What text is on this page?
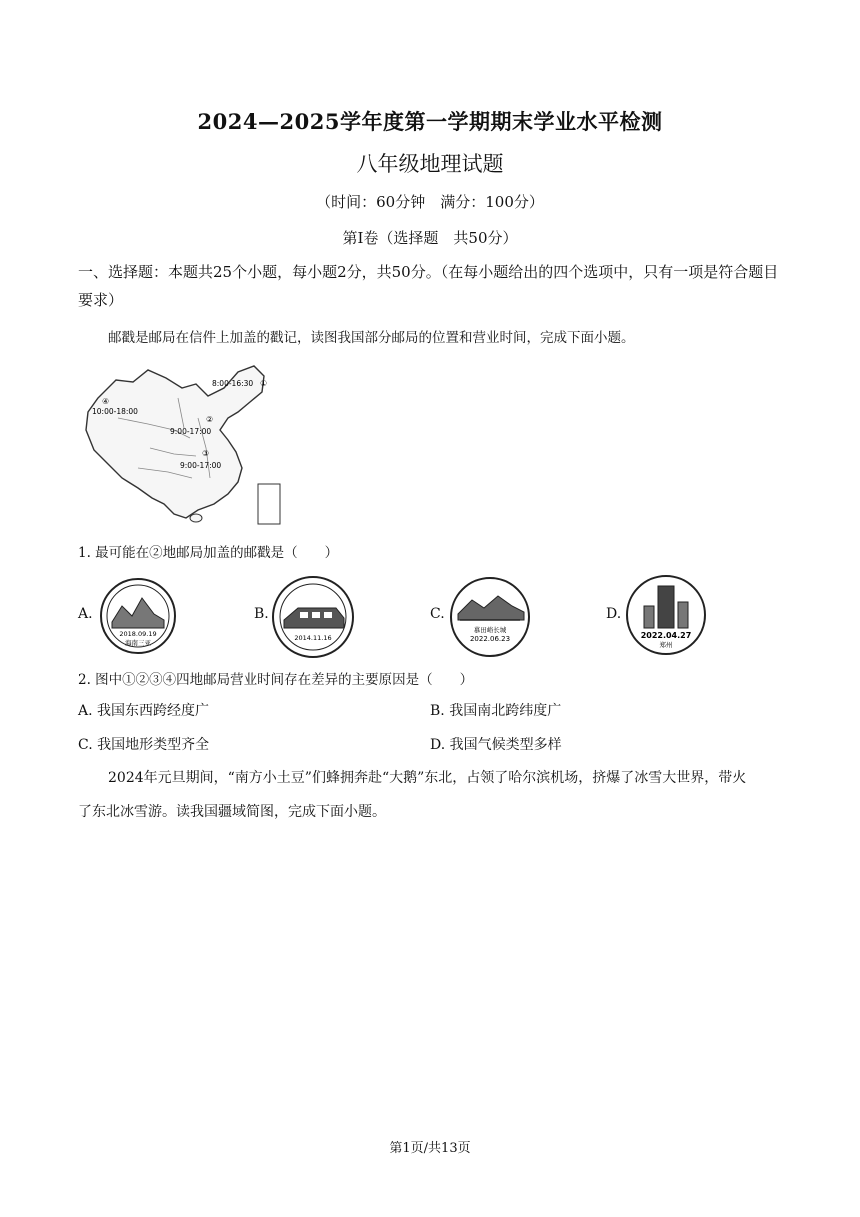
2024—2025学年度第一学期期末学业水平检测
八年级地理试题
（时间：60分钟　满分：100分）
第Ⅰ卷（选择题　共50分）
一、选择题：本题共25个小题，每小题2分，共50分。（在每小题给出的四个选项中，只有一项是符合题目要求）
邮戳是邮局在信件上加盖的戳记，读图我国部分邮局的位置和营业时间，完成下面小题。
8:00-16:30 ①
④
10:00-18:00
②
9:00-17:00
③
9:00-17:00
1. 最可能在②地邮局加盖的邮戳是（　　）
A.
2018.09.19
海南三亚
B.
2014.11.16
C.
慕田峪长城
2022.06.23
D.
2022.04.27
郑州
2. 图中①②③④四地邮局营业时间存在差异的主要原因是（　　）
A. 我国东西跨经度广	B. 我国南北跨纬度广
C. 我国地形类型齐全	D. 我国气候类型多样
2024年元旦期间，“南方小土豆”们蜂拥奔赴“大鹅”东北，占领了哈尔滨机场，挤爆了冰雪大世界，带火
了东北冰雪游。读我国疆域简图，完成下面小题。
第1页/共13页
